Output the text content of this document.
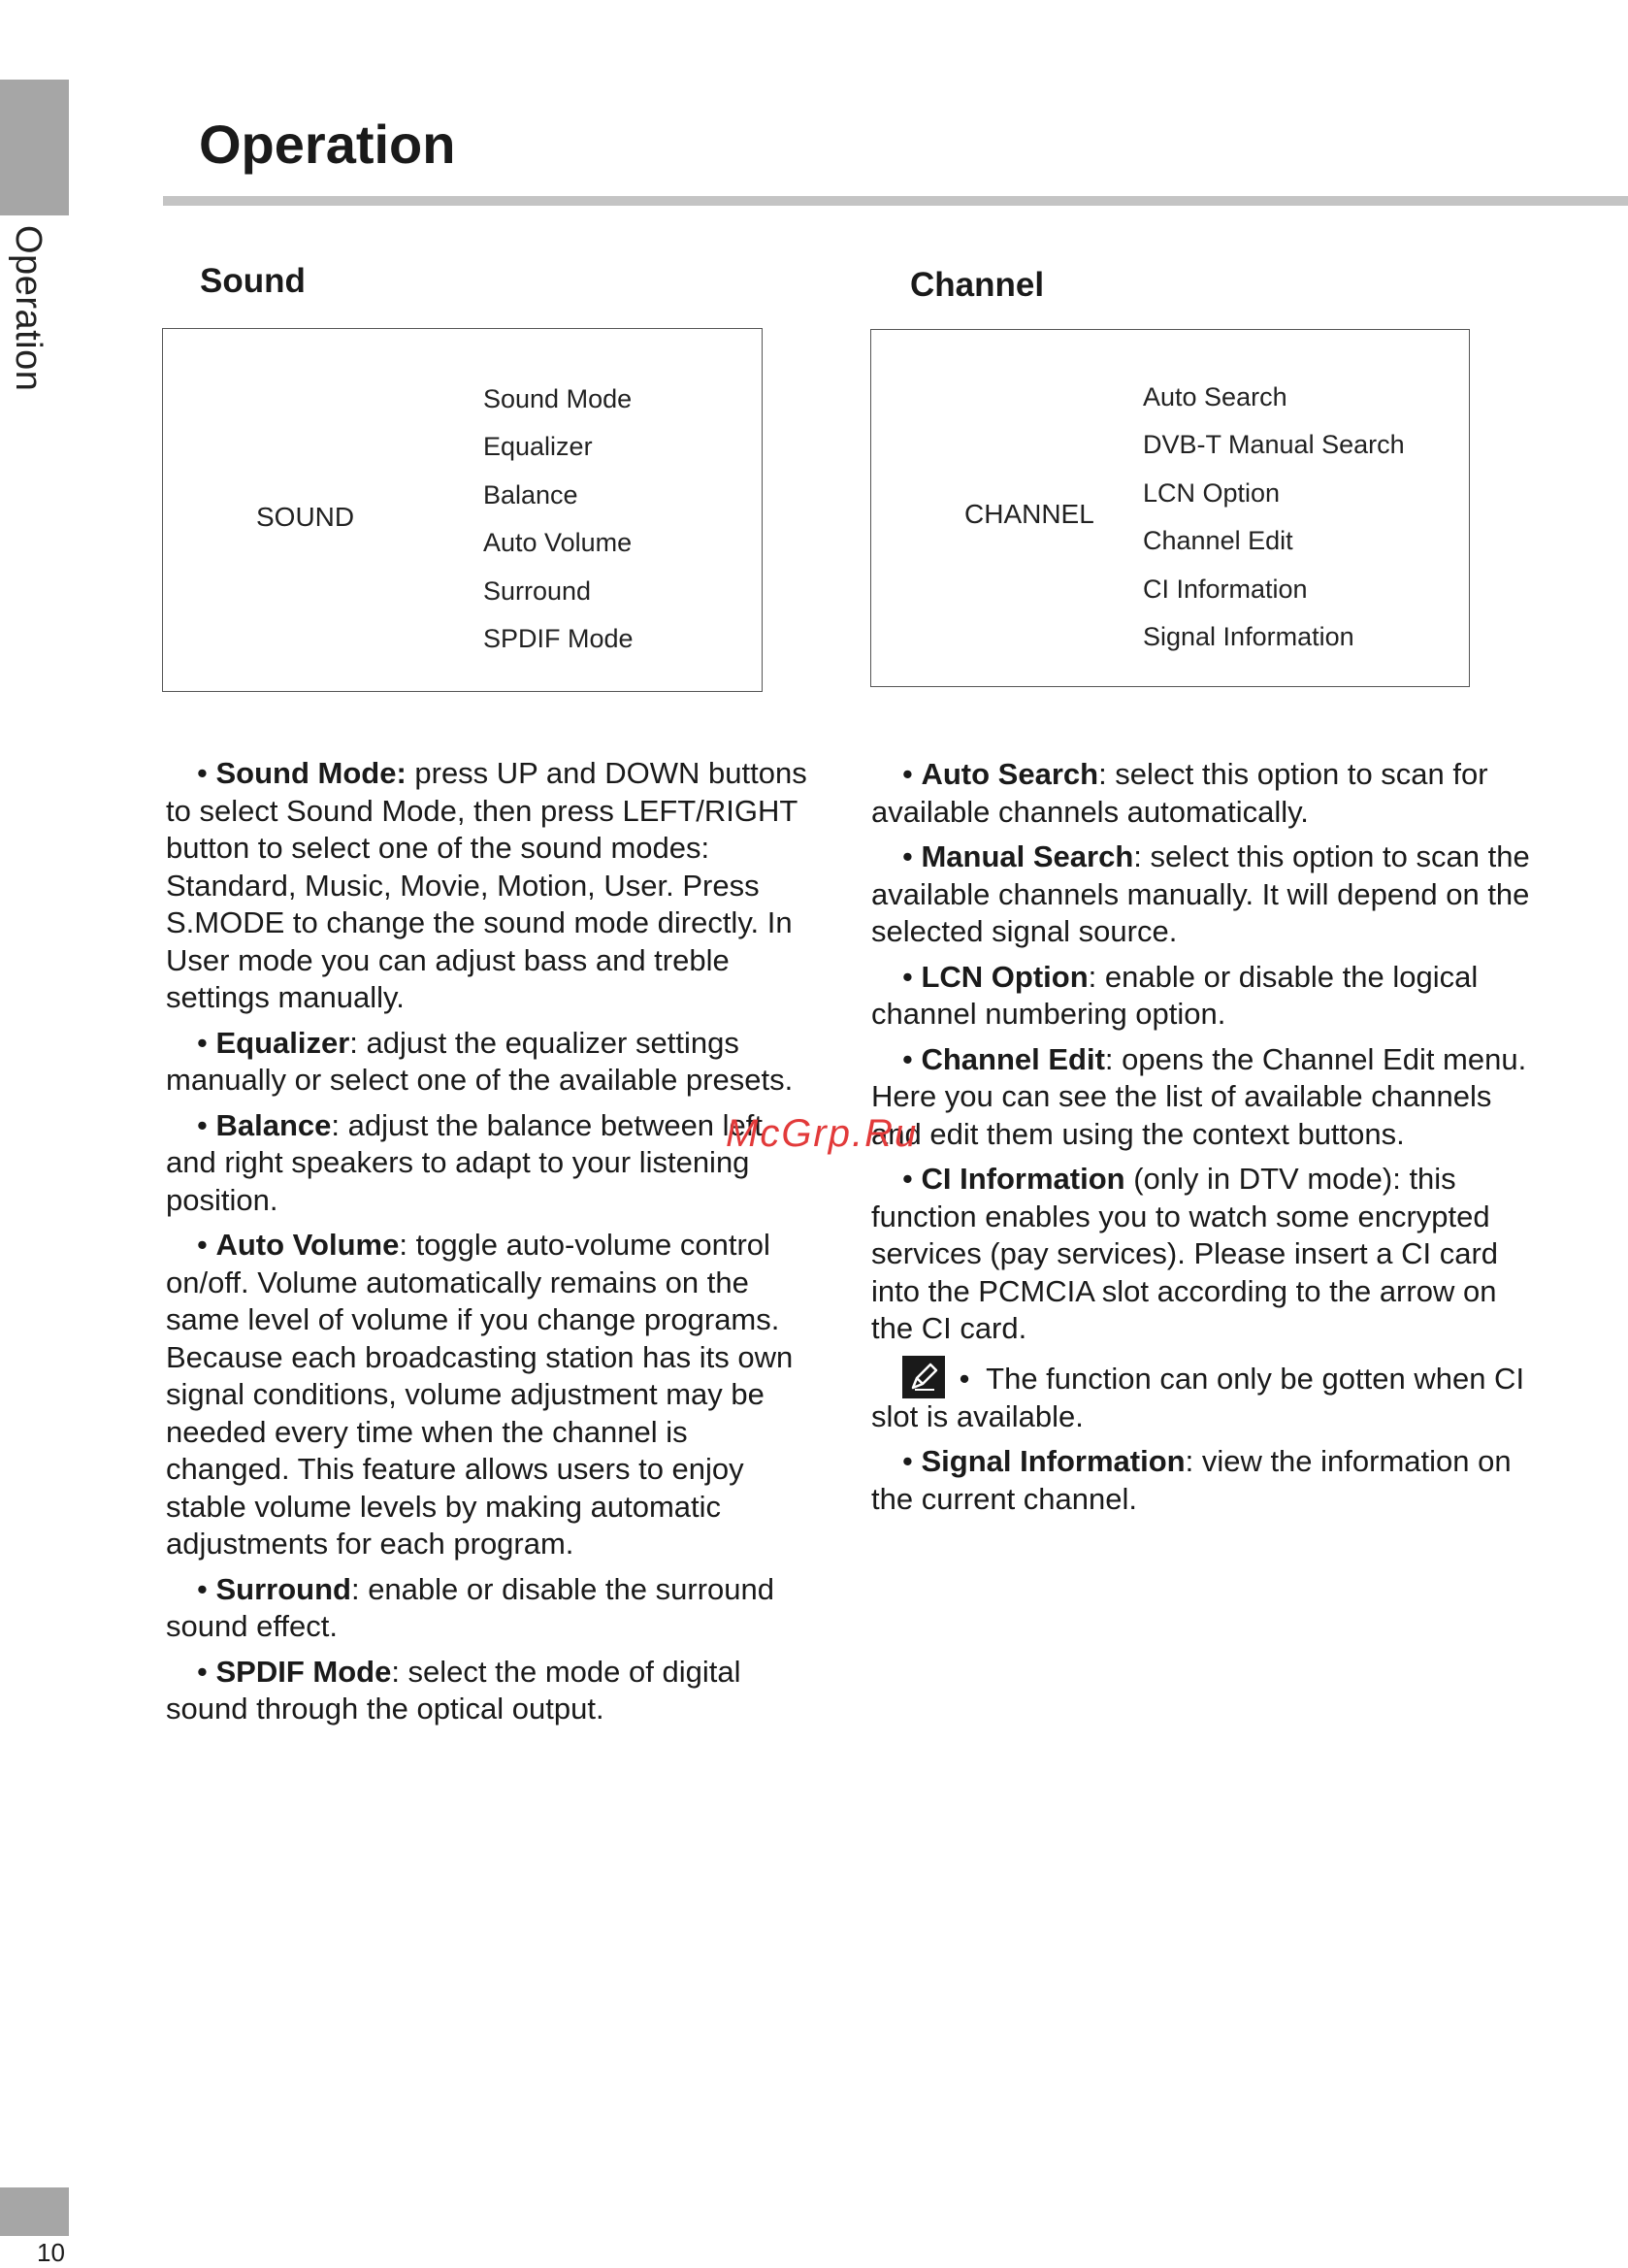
Operation
Operation
Sound
SOUND
Sound Mode
Equalizer
Balance
Auto Volume
Surround
SPDIF Mode
Channel
CHANNEL
Auto Search
DVB-T Manual Search
LCN Option
Channel Edit
CI Information
Signal Information

• Sound Mode: press UP and DOWN buttons to select Sound Mode, then press LEFT/RIGHT button to select one of the sound modes: Standard, Music, Movie, Motion, User. Press S.MODE to change the sound mode directly. In User mode you can adjust bass and treble settings manually.

• Equalizer: adjust the equalizer settings manually or select one of the available presets.

• Balance: adjust the balance between left and right speakers to adapt to your listening position.

• Auto Volume: toggle auto-volume control on/off. Volume automatically remains on the same level of volume if you change programs. Because each broadcasting station has its own signal conditions, volume adjustment may be needed every time when the channel is changed. This feature allows users to enjoy stable volume levels by making automatic adjustments for each program.

• Surround: enable or disable the surround sound effect.

• SPDIF Mode: select the mode of digital sound through the optical output.

• Auto Search: select this option to scan for available channels automatically.

• Manual Search: select this option to scan the available channels manually. It will depend on the selected signal source.

• LCN Option: enable or disable the logical channel numbering option.

• Channel Edit: opens the Channel Edit menu. Here you can see the list of available channels and edit them using the context buttons.

• CI Information (only in DTV mode): this function enables you to watch some encrypted services (pay services). Please insert a CI card into the PCMCIA slot according to the arrow on the CI card.

•  The function can only be gotten when CI slot is available.

• Signal Information: view the information on the current channel.

McGrp.Ru
10
